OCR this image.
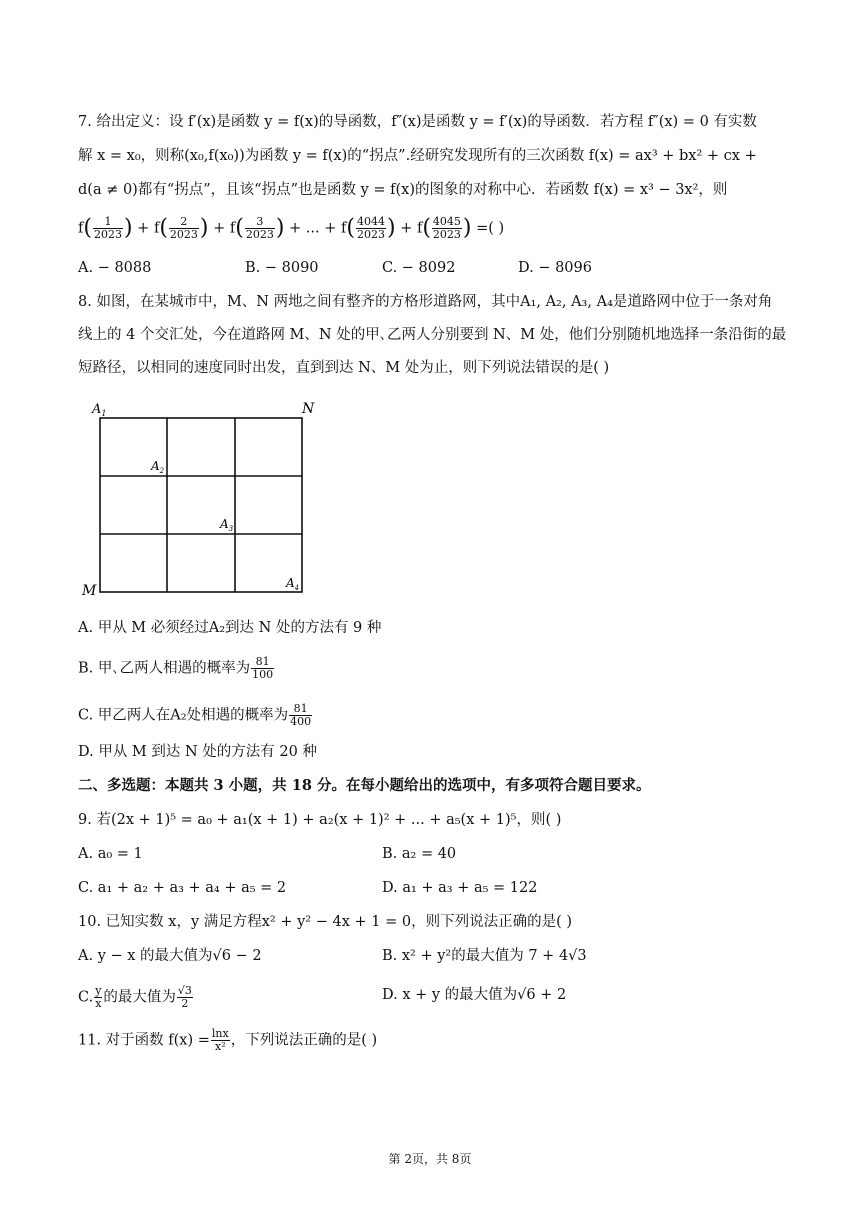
7. 给出定义：设 f′(x)是函数 y = f(x)的导函数，f″(x)是函数 y = f′(x)的导函数．若方程 f″(x) = 0 有实数
解 x = x₀，则称(x₀,f(x₀))为函数 y = f(x)的“拐点”.经研究发现所有的三次函数 f(x) = ax³ + bx² + cx +
d(a ≠ 0)都有“拐点”，且该“拐点”也是函数 y = f(x)的图象的对称中心．若函数 f(x) = x³ − 3x²，则
$f( \frac{1}{2023}$ ) + $f( \frac{2}{2023}$ ) + $f( \frac{3}{2023}$ ) + ... + $f( \frac{4044}{2023}$ ) + $f( \frac{4045}{2023}$ ) =( )
A. − 8088	B. − 8090	C. − 8092	D. − 8096
8. 如图，在某城市中，M、N 两地之间有整齐的方格形道路网，其中A₁, A₂, A₃, A₄是道路网中位于一条对角
线上的 4 个交汇处，今在道路网 M、N 处的甲､乙两人分别要到 N、M 处，他们分别随机地选择一条沿街的最
短路径，以相同的速度同时出发，直到到达 N、M 处为止，则下列说法错误的是( )
$A_1$	N
$A_2$
$A_3$
M	$A_4$
A. 甲从 M 必须经过A₂到达 N 处的方法有 9 种
B. 甲､乙两人相遇的概率为 $\frac{81}{100}$
C. 甲乙两人在A₂处相遇的概率为 $\frac{81}{400}$
D. 甲从 M 到达 N 处的方法有 20 种
二、多选题：本题共 3 小题，共 18 分。在每小题给出的选项中，有多项符合题目要求。
9. 若(2x + 1)⁵ = a₀ + a₁(x + 1) + a₂(x + 1)² + ... + a₅(x + 1)⁵，则( )
A. a₀ = 1	B. a₂ = 40
C. a₁ + a₂ + a₃ + a₄ + a₅ = 2	D. a₁ + a₃ + a₅ = 122
10. 已知实数 x，y 满足方程x² + y² − 4x + 1 = 0，则下列说法正确的是( )
A. y − x 的最大值为√6 − 2	B. x² + y²的最大值为 7 + 4√3
C. $\frac{y}{x}$ 的最大值为 $\frac{√3}{2}$	D. x + y 的最大值为√6 + 2
11. 对于函数 $f(x) = \frac{\ln x}{\text{x²}}$ ，下列说法正确的是( )
第 2页，共 8页
